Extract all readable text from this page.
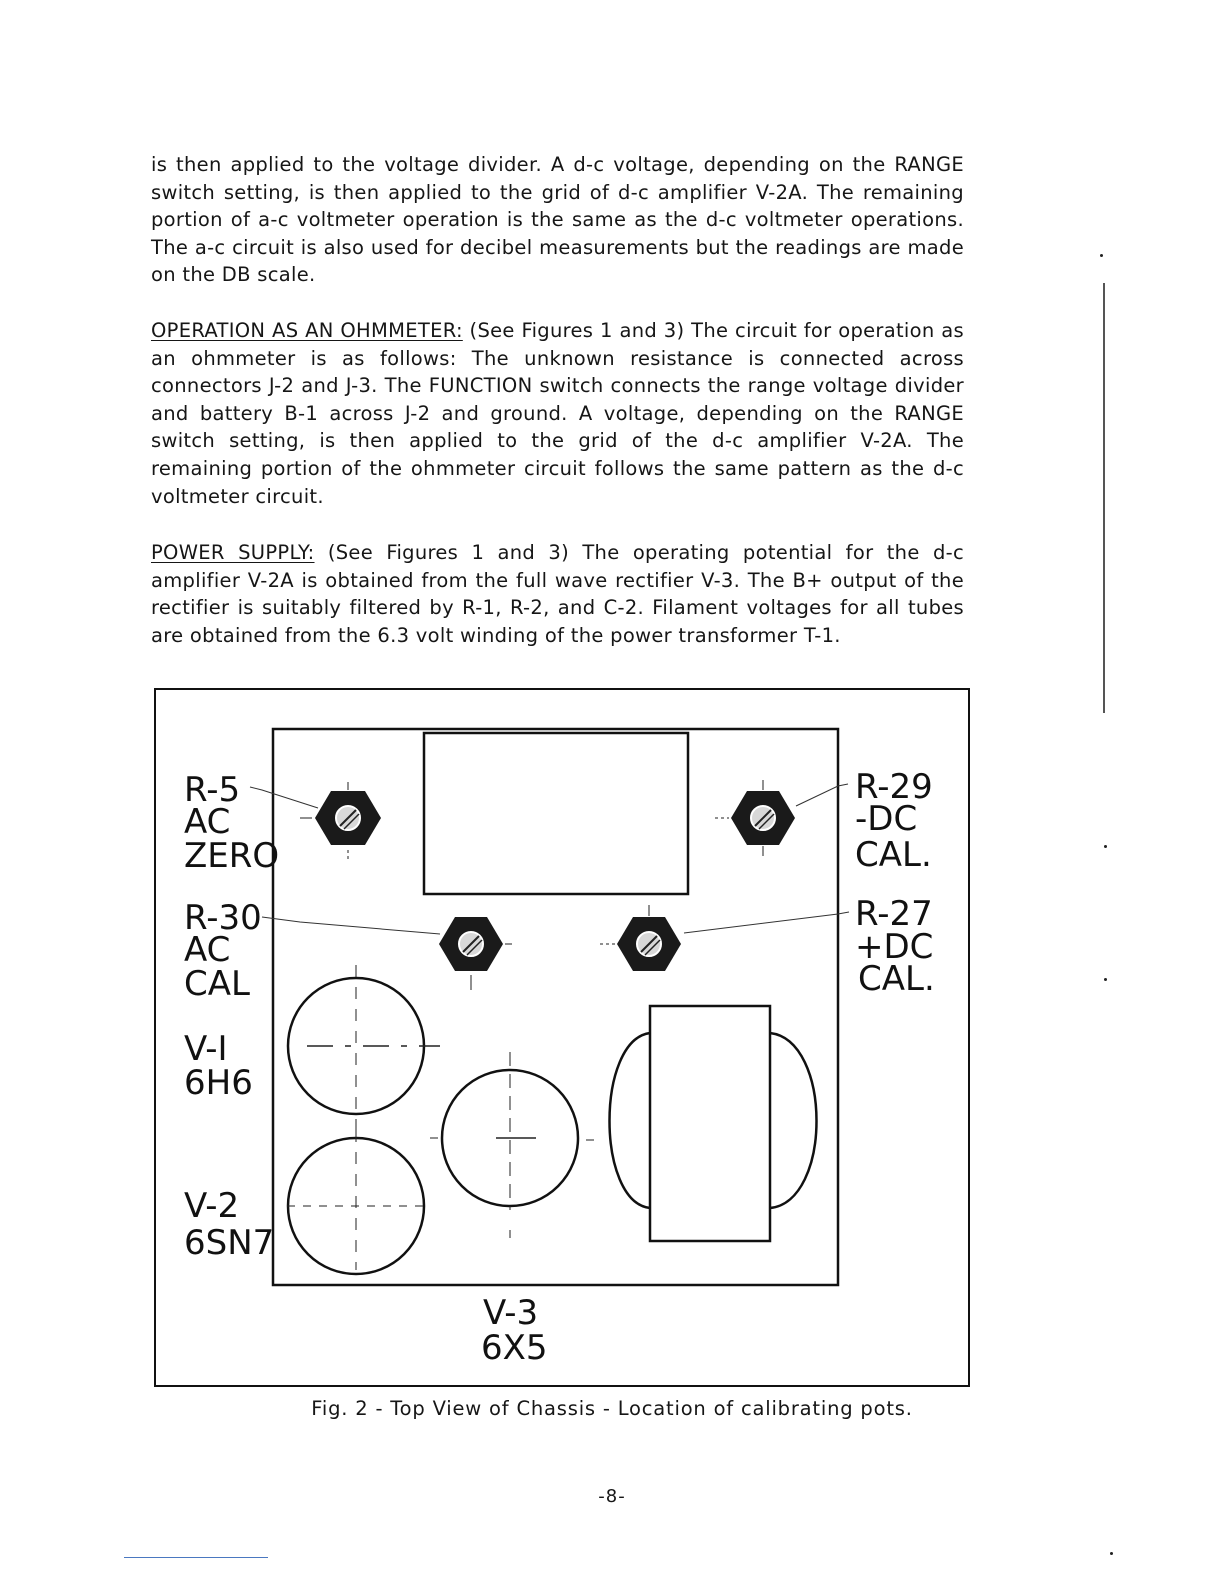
is then applied to the voltage divider. A d-c voltage, depending on the RANGE switch setting, is then applied to the grid of d-c amplifier V-2A. The remaining portion of a-c voltmeter operation is the same as the d-c voltmeter operations. The a-c circuit is also used for decibel measurements but the readings are made on the DB scale.

OPERATION AS AN OHMMETER: (See Figures 1 and 3) The circuit for operation as an ohmmeter is as follows: The unknown resistance is connected across connectors J-2 and J-3. The FUNCTION switch connects the range voltage divider and battery B-1 across J-2 and ground. A voltage, depending on the RANGE switch setting, is then applied to the grid of the d-c amplifier V-2A. The remaining portion of the ohmmeter circuit follows the same pattern as the d-c voltmeter circuit.

POWER SUPPLY: (See Figures 1 and 3) The operating potential for the d-c amplifier V-2A is obtained from the full wave rectifier V-3. The B+ output of the rectifier is suitably filtered by R-1, R-2, and C-2. Filament voltages for all tubes are obtained from the 6.3 volt winding of the power transformer T-1.

R-5
AC
ZERO
R-30
AC
CAL
V-I
6H6
V-2
6SN7
R-29
-DC
CAL.
R-27
+DC
CAL.
V-3
6X5
Fig. 2 - Top View of Chassis - Location of calibrating pots.
-8-
